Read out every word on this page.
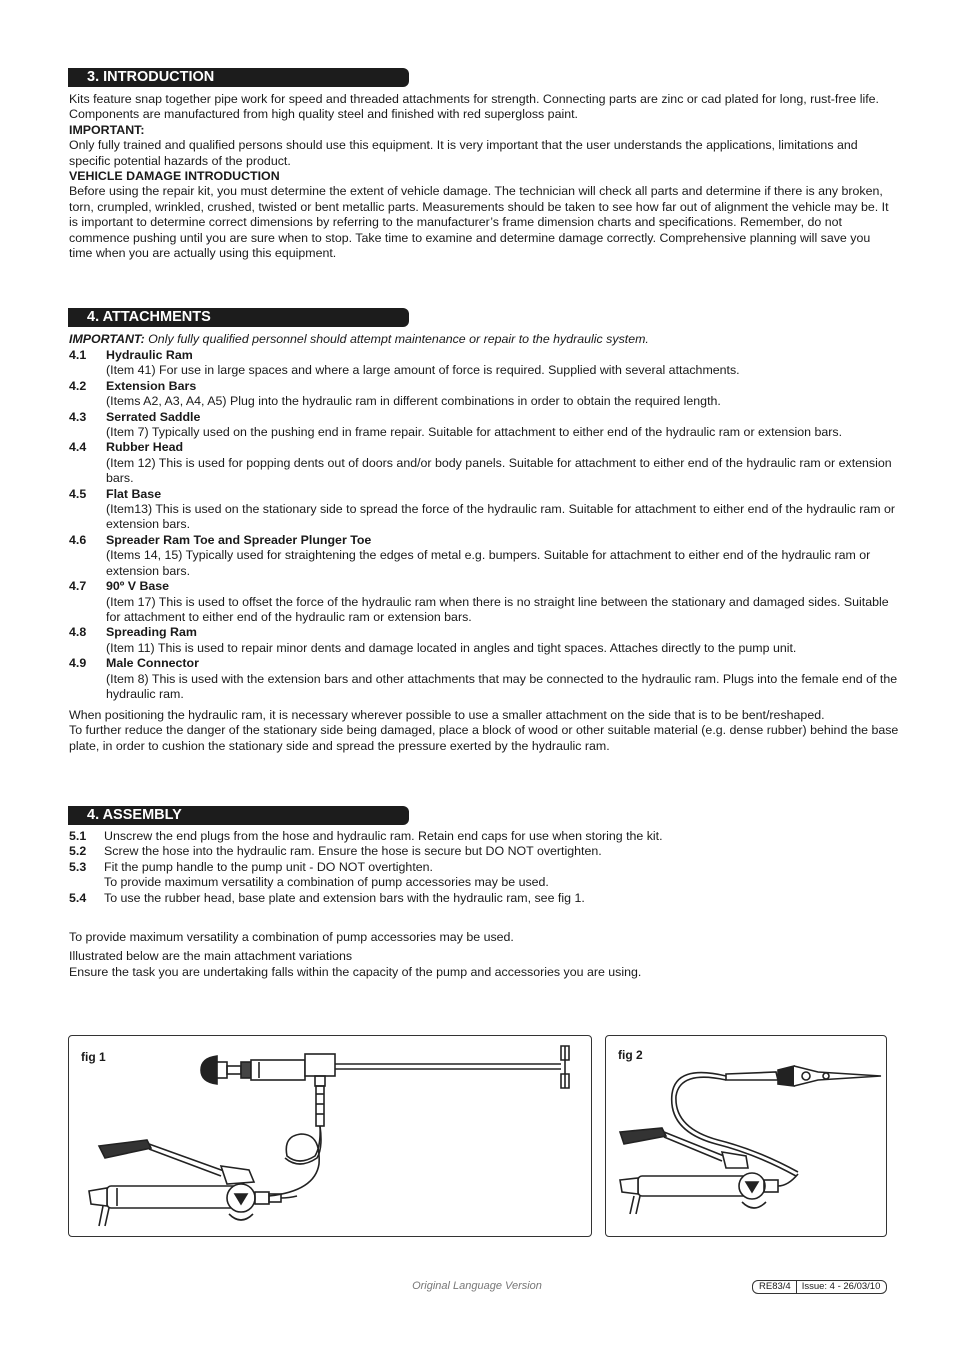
3. INTRODUCTION

Kits feature snap together pipe work for speed and threaded attachments for strength. Connecting parts are zinc or cad plated for long, rust-free life. Components are manufactured from high quality steel and finished with red supergloss paint.

IMPORTANT:

Only fully trained and qualified persons should use this equipment. It is very important that the user understands the applications, limitations and specific potential hazards of the product.

VEHICLE DAMAGE INTRODUCTION

Before using the repair kit, you must determine the extent of vehicle damage. The technician will check all parts and determine if there is any broken, torn, crumpled, wrinkled, crushed, twisted or bent metallic parts. Measurements should be taken to see how far out of alignment the vehicle may be. It is important to determine correct dimensions by referring to the manufacturer’s frame dimension charts and specifications. Remember, do not commence pushing until you are sure when to stop. Take time to examine and determine damage correctly. Comprehensive planning will save you time when you are actually using this equipment.

4. ATTACHMENTS

IMPORTANT: Only fully qualified personnel should attempt maintenance or repair to the hydraulic system.

4.1 Hydraulic Ram
(Item 41) For use in large spaces and where a large amount of force is required. Supplied with several attachments.
4.2 Extension Bars
(Items A2, A3, A4, A5) Plug into the hydraulic ram in different combinations in order to obtain the required length.
4.3 Serrated Saddle
(Item 7) Typically used on the pushing end in frame repair. Suitable for attachment to either end of the hydraulic ram or extension bars.
4.4 Rubber Head
(Item 12) This is used for popping dents out of doors and/or body panels. Suitable for attachment to either end of the hydraulic ram or extension bars.
4.5 Flat Base
(Item13) This is used on the stationary side to spread the force of the hydraulic ram. Suitable for attachment to either end of the hydraulic ram or extension bars.
4.6 Spreader Ram Toe and Spreader Plunger Toe
(Items 14, 15) Typically used for straightening the edges of metal e.g. bumpers. Suitable for attachment to either end of the hydraulic ram or extension bars.
4.7 90º V Base
(Item 17) This is used to offset the force of the hydraulic ram when there is no straight line between the stationary and damaged sides. Suitable for attachment to either end of the hydraulic ram or extension bars.
4.8 Spreading Ram
(Item 11) This is used to repair minor dents and damage located in angles and tight spaces. Attaches directly to the pump unit.
4.9 Male Connector
(Item 8) This is used with the extension bars and other attachments that may be connected to the hydraulic ram. Plugs into the female end of the hydraulic ram.

When positioning the hydraulic ram, it is necessary wherever possible to use a smaller attachment on the side that is to be bent/reshaped.

To further reduce the danger of the stationary side being damaged, place a block of wood or other suitable material (e.g. dense rubber) behind the base plate, in order to cushion the stationary side and spread the pressure exerted by the hydraulic ram.

4. ASSEMBLY
5.1 Unscrew the end plugs from the hose and hydraulic ram. Retain end caps for use when storing the kit.
5.2 Screw the hose into the hydraulic ram. Ensure the hose is secure but DO NOT overtighten.
5.3 Fit the pump handle to the pump unit - DO NOT overtighten.
To provide maximum versatility a combination of pump accessories may be used.
5.4 To use the rubber head, base plate and extension bars with the hydraulic ram, see fig 1.

To provide maximum versatility a combination of pump accessories may be used.

Illustrated below are the main attachment variations

Ensure the task you are undertaking falls within the capacity of the pump and accessories you are using.

fig 1	fig 2
Original Language Version	RE83/4 Issue: 4 - 26/03/10
